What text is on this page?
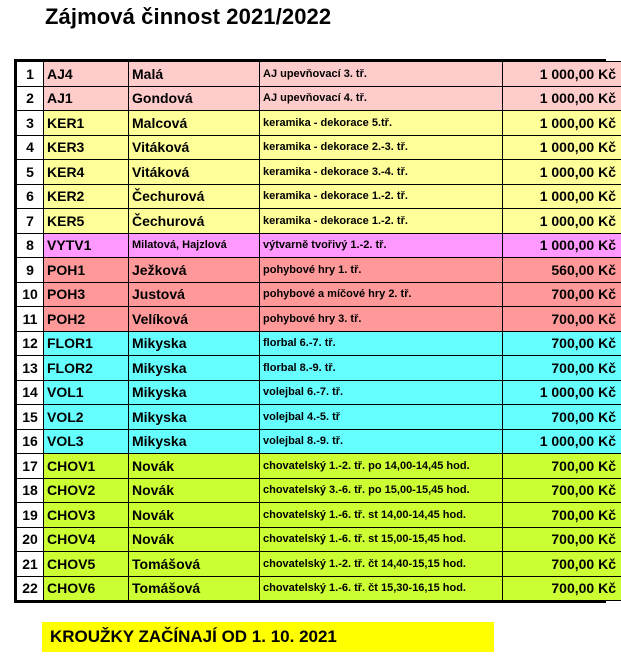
Zájmová činnost 2021/2022
1	AJ4	Malá	AJ upevňovací 3. tř.	1 000,00 Kč
2	AJ1	Gondová	AJ upevňovací 4. tř.	1 000,00 Kč
3	KER1	Malcová	keramika - dekorace 5.tř.	1 000,00 Kč
4	KER3	Vitáková	keramika - dekorace 2.-3. tř.	1 000,00 Kč
5	KER4	Vitáková	keramika - dekorace 3.-4. tř.	1 000,00 Kč
6	KER2	Čechurová	keramika - dekorace 1.-2. tř.	1 000,00 Kč
7	KER5	Čechurová	keramika - dekorace 1.-2. tř.	1 000,00 Kč
8	VYTV1	Milatová, Hajzlová	výtvarně tvořivý 1.-2. tř.	1 000,00 Kč
9	POH1	Ježková	pohybové hry 1. tř.	560,00 Kč
10	POH3	Justová	pohybové a míčové hry 2. tř.	700,00 Kč
11	POH2	Velíková	pohybové hry 3. tř.	700,00 Kč
12	FLOR1	Mikyska	florbal 6.-7. tř.	700,00 Kč
13	FLOR2	Mikyska	florbal 8.-9. tř.	700,00 Kč
14	VOL1	Mikyska	volejbal 6.-7. tř.	1 000,00 Kč
15	VOL2	Mikyska	volejbal 4.-5. tř	700,00 Kč
16	VOL3	Mikyska	volejbal 8.-9. tř.	1 000,00 Kč
17	CHOV1	Novák	chovatelský 1.-2. tř. po 14,00-14,45 hod.	700,00 Kč
18	CHOV2	Novák	chovatelský 3.-6. tř. po 15,00-15,45 hod.	700,00 Kč
19	CHOV3	Novák	chovatelský 1.-6. tř. st 14,00-14,45 hod.	700,00 Kč
20	CHOV4	Novák	chovatelský 1.-6. tř. st 15,00-15,45 hod.	700,00 Kč
21	CHOV5	Tomášová	chovatelský 1.-2. tř. čt 14,40-15,15 hod.	700,00 Kč
22	CHOV6	Tomášová	chovatelský 1.-6. tř. čt 15,30-16,15 hod.	700,00 Kč
KROUŽKY ZAČÍNAJÍ OD 1. 10. 2021
